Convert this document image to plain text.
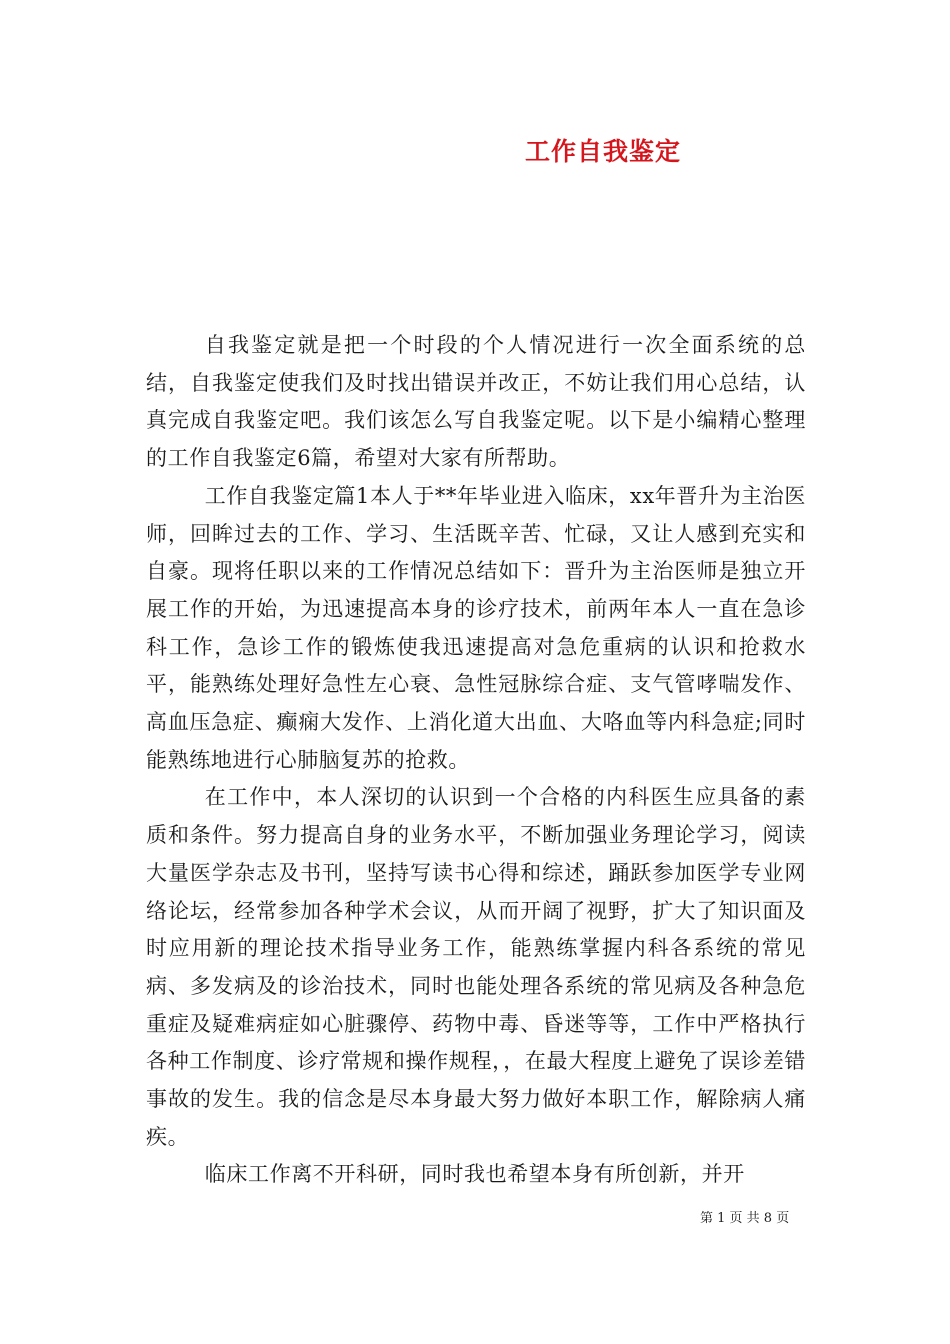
工作自我鉴定

自我鉴定就是把一个时段的个人情况进行一次全面系统的总结，自我鉴定使我们及时找出错误并改正，不妨让我们用心总结，认真完成自我鉴定吧。我们该怎么写自我鉴定呢。以下是小编精心整理的工作自我鉴定6篇，希望对大家有所帮助。

工作自我鉴定篇1本人于**年毕业进入临床，xx年晋升为主治医师，回眸过去的工作、学习、生活既辛苦、忙碌，又让人感到充实和自豪。现将任职以来的工作情况总结如下：晋升为主治医师是独立开展工作的开始，为迅速提高本身的诊疗技术，前两年本人一直在急诊科工作，急诊工作的锻炼使我迅速提高对急危重病的认识和抢救水平，能熟练处理好急性左心衰、急性冠脉综合症、支气管哮喘发作、高血压急症、癫痫大发作、上消化道大出血、大咯血等内科急症;同时能熟练地进行心肺脑复苏的抢救。

在工作中，本人深切的认识到一个合格的内科医生应具备的素质和条件。努力提高自身的业务水平，不断加强业务理论学习，阅读大量医学杂志及书刊，坚持写读书心得和综述，踊跃参加医学专业网络论坛，经常参加各种学术会议，从而开阔了视野，扩大了知识面及时应用新的理论技术指导业务工作，能熟练掌握内科各系统的常见病、多发病及的诊治技术，同时也能处理各系统的常见病及各种急危重症及疑难病症如心脏骤停、药物中毒、昏迷等等，工作中严格执行各种工作制度、诊疗常规和操作规程，，在最大程度上避免了误诊差错事故的发生。我的信念是尽本身最大努力做好本职工作，解除病人痛疾。

临床工作离不开科研，同时我也希望本身有所创新，并开

第 1 页 共 8 页
